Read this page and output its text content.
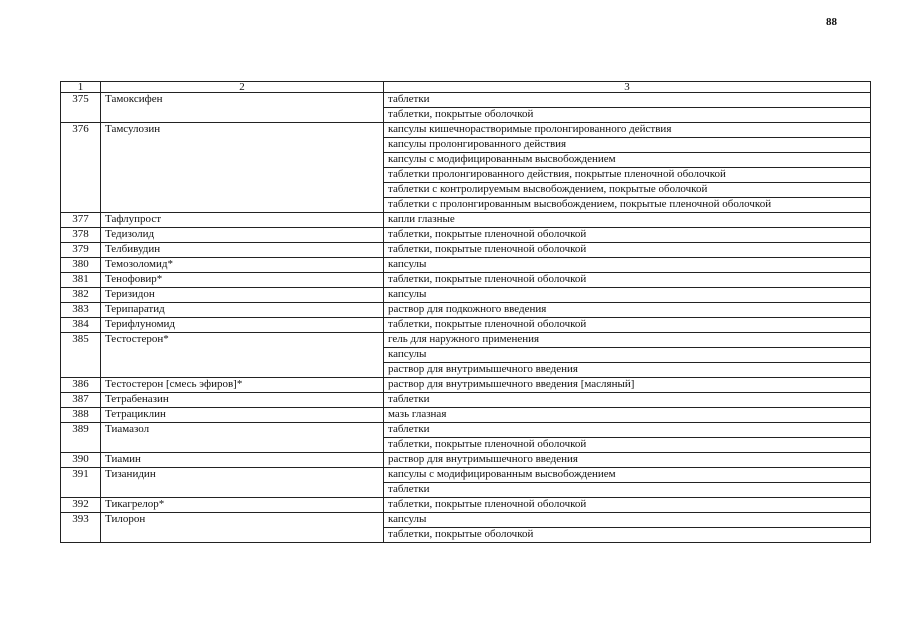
88
1	2	3
375	Тамоксифен	таблетки
		таблетки, покрытые оболочкой
376	Тамсулозин	капсулы кишечнорастворимые пролонгированного действия
		капсулы пролонгированного действия
		капсулы с модифицированным высвобождением
		таблетки пролонгированного действия, покрытые пленочной оболочкой
		таблетки с контролируемым высвобождением, покрытые оболочкой
		таблетки с пролонгированным высвобождением, покрытые пленочной оболочкой
377	Тафлупрост	капли глазные
378	Тедизолид	таблетки, покрытые пленочной оболочкой
379	Телбивудин	таблетки, покрытые пленочной оболочкой
380	Темозоломид*	капсулы
381	Тенофовир*	таблетки, покрытые пленочной оболочкой
382	Теризидон	капсулы
383	Терипаратид	раствор для подкожного введения
384	Терифлуномид	таблетки, покрытые пленочной оболочкой
385	Тестостерон*	гель для наружного применения
		капсулы
		раствор для внутримышечного введения
386	Тестостерон [смесь эфиров]*	раствор для внутримышечного введения [масляный]
387	Тетрабеназин	таблетки
388	Тетрациклин	мазь глазная
389	Тиамазол	таблетки
		таблетки, покрытые пленочной оболочкой
390	Тиамин	раствор для внутримышечного введения
391	Тизанидин	капсулы с модифицированным высвобождением
		таблетки
392	Тикагрелор*	таблетки, покрытые пленочной оболочкой
393	Тилорон	капсулы
		таблетки, покрытые оболочкой
